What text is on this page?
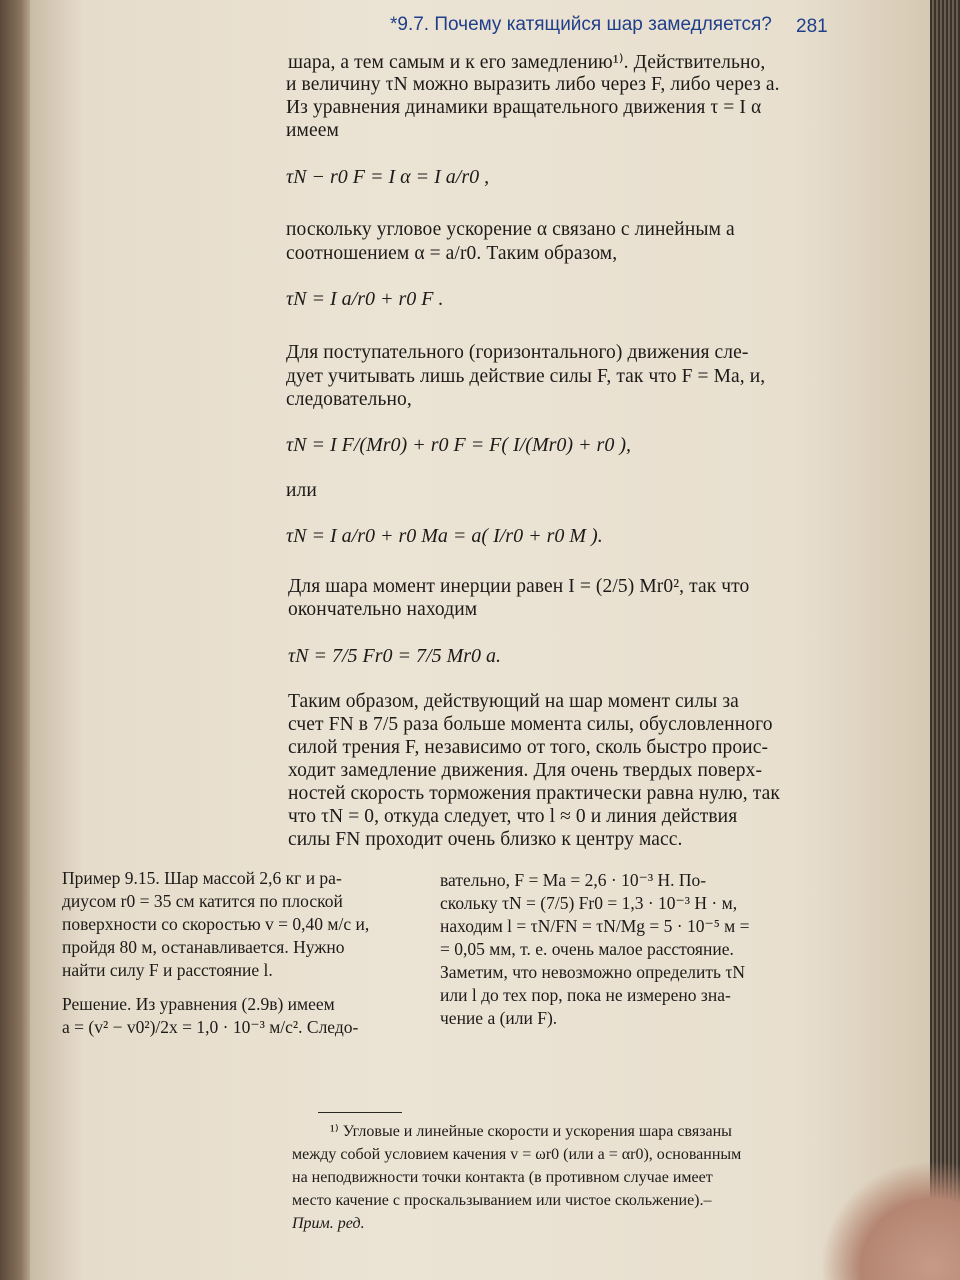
*9.7. Почему катящийся шар замедляется? 281
шара, а тем самым и к его замедлению¹⁾. Действительно,
и величину τN можно выразить либо через F, либо через a.
Из уравнения динамики вращательного движения τ = I α
имеем
τN − r0 F = I α = I a/r0 ,
поскольку угловое ускорение α связано с линейным a
соотношением α = a/r0. Таким образом,
τN = I a/r0 + r0 F .
Для поступательного (горизонтального) движения сле-
дует учитывать лишь действие силы F, так что F = Ma, и,
следовательно,
τN = I F/(Mr0) + r0 F = F( I/(Mr0) + r0 ),
или
τN = I a/r0 + r0 Ma = a( I/r0 + r0 M ).
Для шара момент инерции равен I = (2/5) Mr0², так что
окончательно находим
τN = 7/5 Fr0 = 7/5 Mr0 a.
Таким образом, действующий на шар момент силы за
счет FN в 7/5 раза больше момента силы, обусловленного
силой трения F, независимо от того, сколь быстро проис-
ходит замедление движения. Для очень твердых поверх-
ностей скорость торможения практически равна нулю, так
что τN = 0, откуда следует, что l ≈ 0 и линия действия
силы FN проходит очень близко к центру масс.
Пример 9.15. Шар массой 2,6 кг и ра-
диусом r0 = 35 см катится по плоской
поверхности со скоростью v = 0,40 м/с и,
пройдя 80 м, останавливается. Нужно
найти силу F и расстояние l.
Решение. Из уравнения (2.9в) имеем
a = (v² − v0²)/2x = 1,0 · 10⁻³ м/с². Следо-
вательно, F = Ma = 2,6 · 10⁻³ Н. По-
скольку τN = (7/5) Fr0 = 1,3 · 10⁻³ Н · м,
находим l = τN/FN = τN/Mg = 5 · 10⁻⁵ м =
= 0,05 мм, т. е. очень малое расстояние.
Заметим, что невозможно определить τN
или l до тех пор, пока не измерено зна-
чение a (или F).
¹⁾ Угловые и линейные скорости и ускорения шара связаны
между собой условием качения v = ωr0 (или a = αr0), основанным
на неподвижности точки контакта (в противном случае имеет
место качение с проскальзыванием или чистое скольжение).–
Прим. ред.
